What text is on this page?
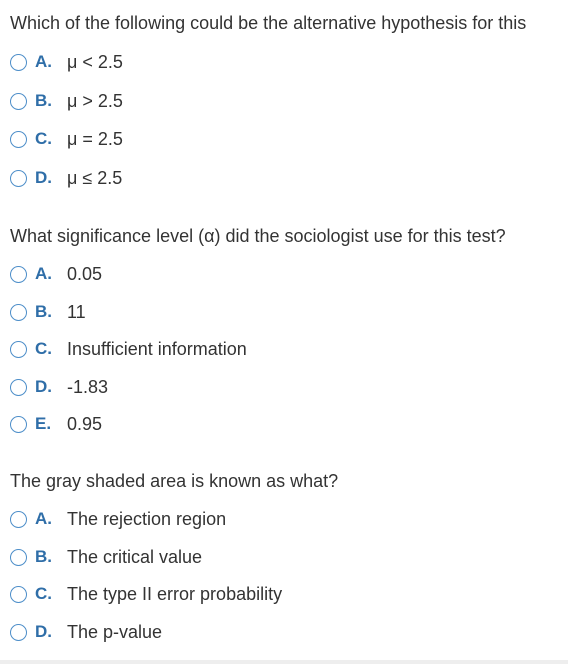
Which of the following could be the alternative hypothesis for this
A. μ < 2.5
B. μ > 2.5
C. μ = 2.5
D. μ ≤ 2.5
What significance level (α) did the sociologist use for this test?
A. 0.05
B. 11
C. Insufficient information
D. -1.83
E. 0.95
The gray shaded area is known as what?
A. The rejection region
B. The critical value
C. The type II error probability
D. The p-value
